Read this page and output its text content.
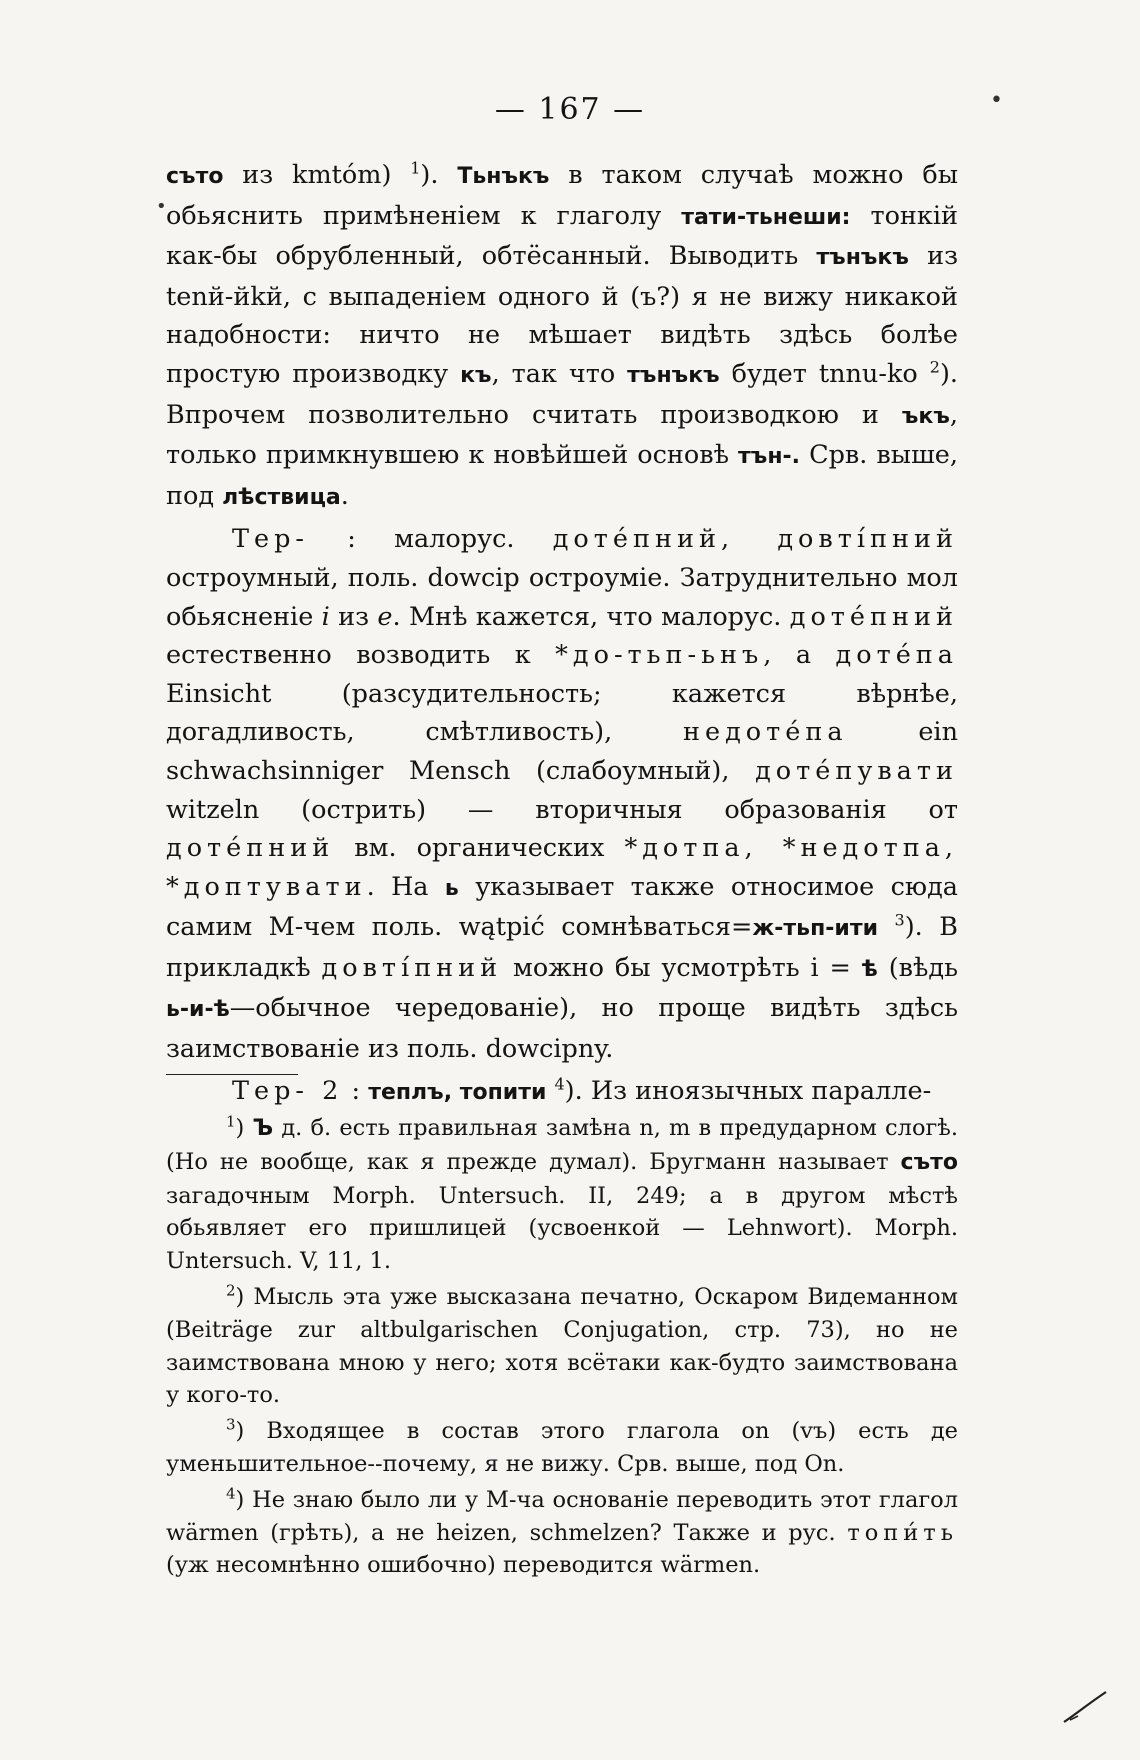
•
•
— 167 —

съто из kmtóm) $^1$). Тьнъкъ в таком случаѣ можно бы обьяснить примѣненіем к глаголу тати-тьнеши: тонкій как-бы обрубленный, обтёсанный. Выводить тънъкъ из tenй-йkй, с выпаденіем одного й (ъ?) я не вижу никакой надобности: ничто не мѣшает видѣть здѣсь болѣе простую производку къ, так что тънъкъ будет tnnu-ko $^2$). Впрочем позволительно считать производкою и ъкъ, только примкнувшею к новѣйшей основѣ тън-. Срв. выше, под лѣствица.

Тер- : малорус. дотéпний, довтíпний остроумный, поль. dowcip остроумie. Затруднительно мол обьясненіе i из е. Мнѣ кажется, что малорус. дотéпний естественно возводить к *до-тьп-ьнъ, а дотéпа Einsicht (разсудительность; кажется вѣрнѣе, догадливость, смѣтливость), недотéпа ein schwachsinniger Mensch (слабоумный), дотéпувати witzeln (острить) — вторичныя образованія от дотéпний вм. органических *дотпа, *недотпа, *доптувати. На ь указывает также относимое сюда самим М-чем поль. wątpić сомнѣваться=ж-тьп-ити $^3$). В прикладкѣ довтíпний можно бы усмотрѣть і = ѣ (вѣдь ь-и-ѣ—обычное чередованіе), но проще видѣть здѣсь заимствованіе из поль. dowcipny.

Тер- 2 : теплъ, топити $^4$). Из иноязычных паралле-

$^1$) Ъ д. б. есть правильная замѣна n, m в предударном слогѣ. (Но не вообще, как я прежде думал). Бругманн называет съто загадочным Morph. Untersuch. II, 249; а в другом мѣстѣ обьявляет его пришлицей (усвоенкой — Lehnwort). Morph. Untersuch. V, 11, 1.

$^2$) Мысль эта уже высказана печатно, Оскаром Видеманном (Beiträge zur altbulgarischen Conjugation, стр. 73), но не заимствована мною у него; хотя всётаки как-будто заимствована у кого-то.

$^3$) Входящее в состав этого глагола on (vъ) есть де уменьшительное--почему, я не вижу. Срв. выше, под On.

$^4$) Не знаю было ли у М-ча основаніе переводить этот глагол wärmen (грѣть), а не heizen, schmelzen? Также и рус. топи́ть (уж несомнѣнно ошибочно) переводится wärmen.
